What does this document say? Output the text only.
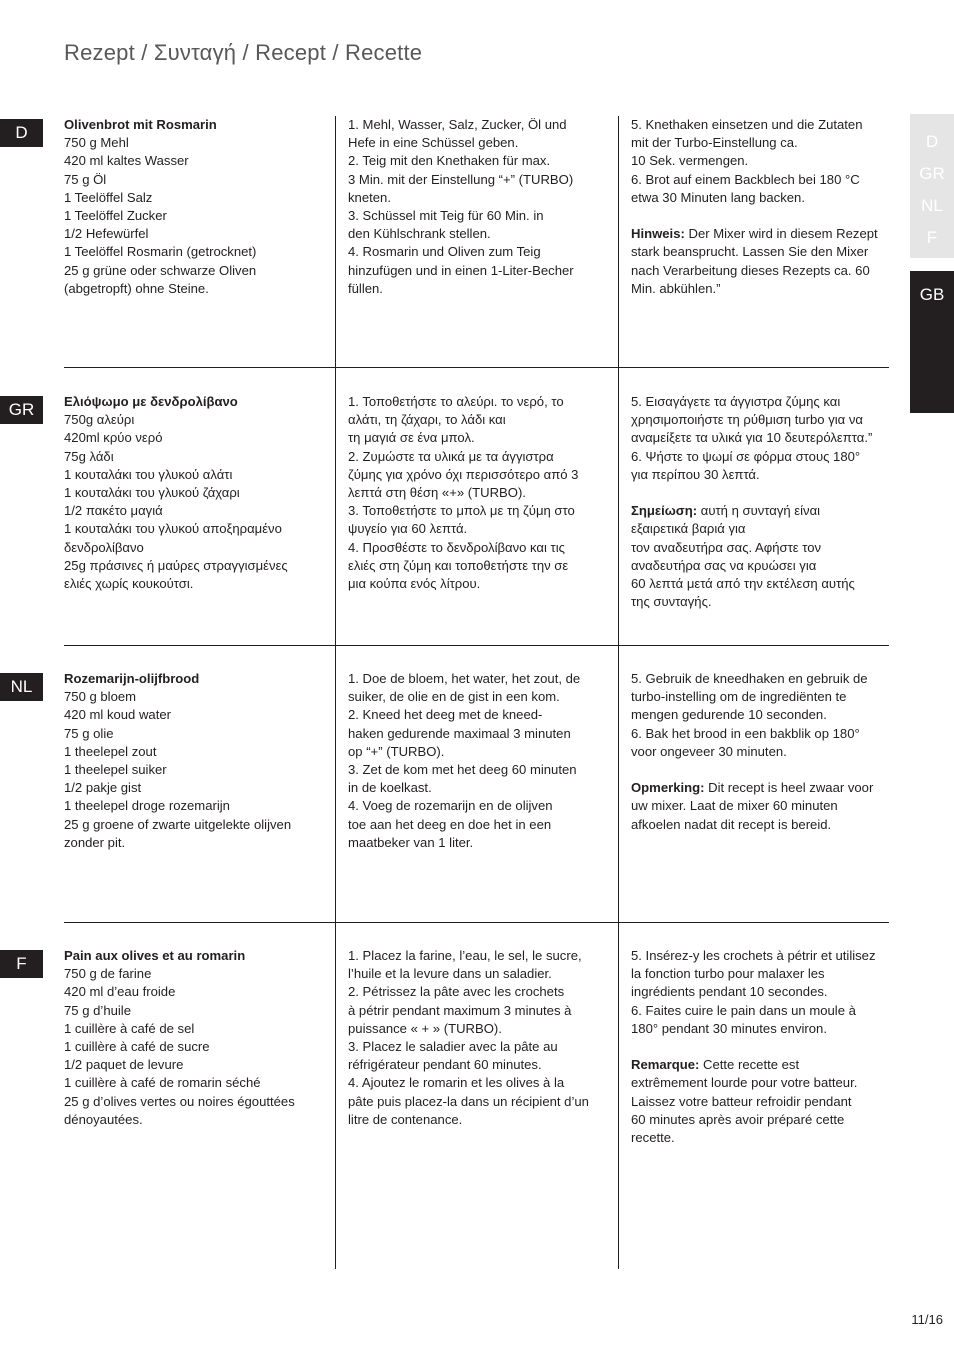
Rezept / Συνταγή / Recept / Recette
D
GR
NL
F
GB
D
GR
NL
F
Olivenbrot mit Rosmarin
750 g Mehl
420 ml kaltes Wasser
75 g Öl
1 Teelöffel Salz
1 Teelöffel Zucker
1/2 Hefewürfel
1 Teelöffel Rosmarin (getrocknet)
25 g grüne oder schwarze Oliven
(abgetropft) ohne Steine.
1. Mehl, Wasser, Salz, Zucker, Öl und
Hefe in eine Schüssel geben.
2. Teig mit den Knethaken für max.
3 Min. mit der Einstellung “+” (TURBO)
kneten.
3. Schüssel mit Teig für 60 Min. in
den Kühlschrank stellen.
4. Rosmarin und Oliven zum Teig
hinzufügen und in einen 1-Liter-Becher
füllen.
5. Knethaken einsetzen und die Zutaten
mit der Turbo-Einstellung ca.
10 Sek. vermengen.
6. Brot auf einem Backblech bei 180 °C
etwa 30 Minuten lang backen.

Hinweis: Der Mixer wird in diesem Rezept
stark beansprucht. Lassen Sie den Mixer
nach Verarbeitung dieses Rezepts ca. 60
Min. abkühlen.”
Ελιόψωμο με δενδρολίβανο
750g αλεύρι
420ml κρύο νερό
75g λάδι
1 κουταλάκι του γλυκού αλάτι
1 κουταλάκι του γλυκού ζάχαρι
1/2 πακέτο μαγιά
1 κουταλάκι του γλυκού αποξηραμένο
δενδρολίβανο
25g πράσινες ή μαύρες στραγγισμένες
ελιές χωρίς κουκούτσι.
1. Τοποθετήστε το αλεύρι. το νερό, το
αλάτι, τη ζάχαρι, το λάδι και
τη μαγιά σε ένα μπολ.
2. Ζυμώστε τα υλικά με τα άγγιστρα
ζύμης για χρόνο όχι περισσότερο από 3
λεπτά στη θέση «+» (TURBO).
3. Τοποθετήστε το μπολ με τη ζύμη στο
ψυγείο για 60 λεπτά.
4. Προσθέστε το δενδρολίβανο και τις
ελιές στη ζύμη και τοποθετήστε την σε
μια κούπα ενός λίτρου.
5. Εισαγάγετε τα άγγιστρα ζύμης και
χρησιμοποιήστε τη ρύθμιση turbo για να
αναμείξετε τα υλικά για 10 δευτερόλεπτα.”
6. Ψήστε το ψωμί σε φόρμα στους 180°
για περίπου 30 λεπτά.

Σημείωση: αυτή η συνταγή είναι
εξαιρετικά βαριά για
τον αναδευτήρα σας. Αφήστε τον
αναδευτήρα σας να κρυώσει για
60 λεπτά μετά από την εκτέλεση αυτής
της συνταγής.
Rozemarijn-olijfbrood
750 g bloem
420 ml koud water
75 g olie
1 theelepel zout
1 theelepel suiker
1/2 pakje gist
1 theelepel droge rozemarijn
25 g groene of zwarte uitgelekte olijven
zonder pit.
1. Doe de bloem, het water, het zout, de
suiker, de olie en de gist in een kom.
2. Kneed het deeg met de kneed-
haken gedurende maximaal 3 minuten
op “+” (TURBO).
3. Zet de kom met het deeg 60 minuten
in de koelkast.
4. Voeg de rozemarijn en de olijven
toe aan het deeg en doe het in een
maatbeker van 1 liter.
5. Gebruik de kneedhaken en gebruik de
turbo-instelling om de ingrediënten te
mengen gedurende 10 seconden.
6. Bak het brood in een bakblik op 180°
voor ongeveer 30 minuten.

Opmerking: Dit recept is heel zwaar voor
uw mixer. Laat de mixer 60 minuten
afkoelen nadat dit recept is bereid.
Pain aux olives et au romarin
750 g de farine
420 ml d’eau froide
75 g d’huile
1 cuillère à café de sel
1 cuillère à café de sucre
1/2 paquet de levure
1 cuillère à café de romarin séché
25 g d’olives vertes ou noires égouttées
dénoyautées.
1. Placez la farine, l’eau, le sel, le sucre,
l’huile et la levure dans un saladier.
2. Pétrissez la pâte avec les crochets
à pétrir pendant maximum 3 minutes à
puissance « + » (TURBO).
3. Placez le saladier avec la pâte au
réfrigérateur pendant 60 minutes.
4. Ajoutez le romarin et les olives à la
pâte puis placez-la dans un récipient d’un
litre de contenance.
5. Insérez-y les crochets à pétrir et utilisez
la fonction turbo pour malaxer les
ingrédients pendant 10 secondes.
6. Faites cuire le pain dans un moule à
180° pendant 30 minutes environ.

Remarque: Cette recette est
extrêmement lourde pour votre batteur.
Laissez votre batteur refroidir pendant
60 minutes après avoir préparé cette
recette.
11/16
